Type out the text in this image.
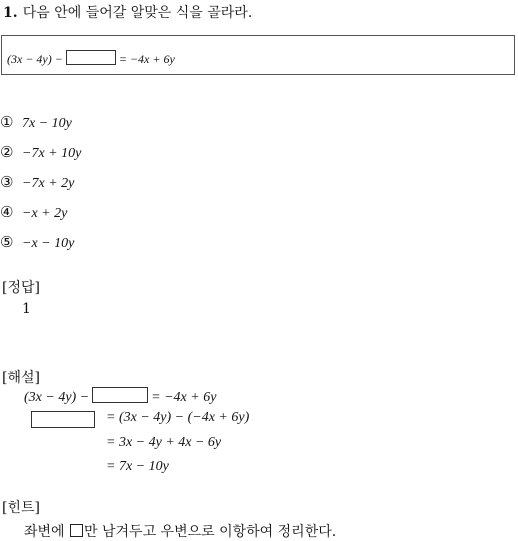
1. 다음 안에 들어갈 알맞은 식을 골라라.
(3x − 4y) −	= −4x + 6y
① 7x − 10y
② −7x + 10y
③ −7x + 2y
④ −x + 2y
⑤ −x − 10y
[정답]
1
[해설]
(3x − 4y) −	= −4x + 6y
= (3x − 4y) − (−4x + 6y)
= 3x − 4y + 4x − 6y
= 7x − 10y
[힌트]
좌변에 만 남겨두고 우변으로 이항하여 정리한다.
